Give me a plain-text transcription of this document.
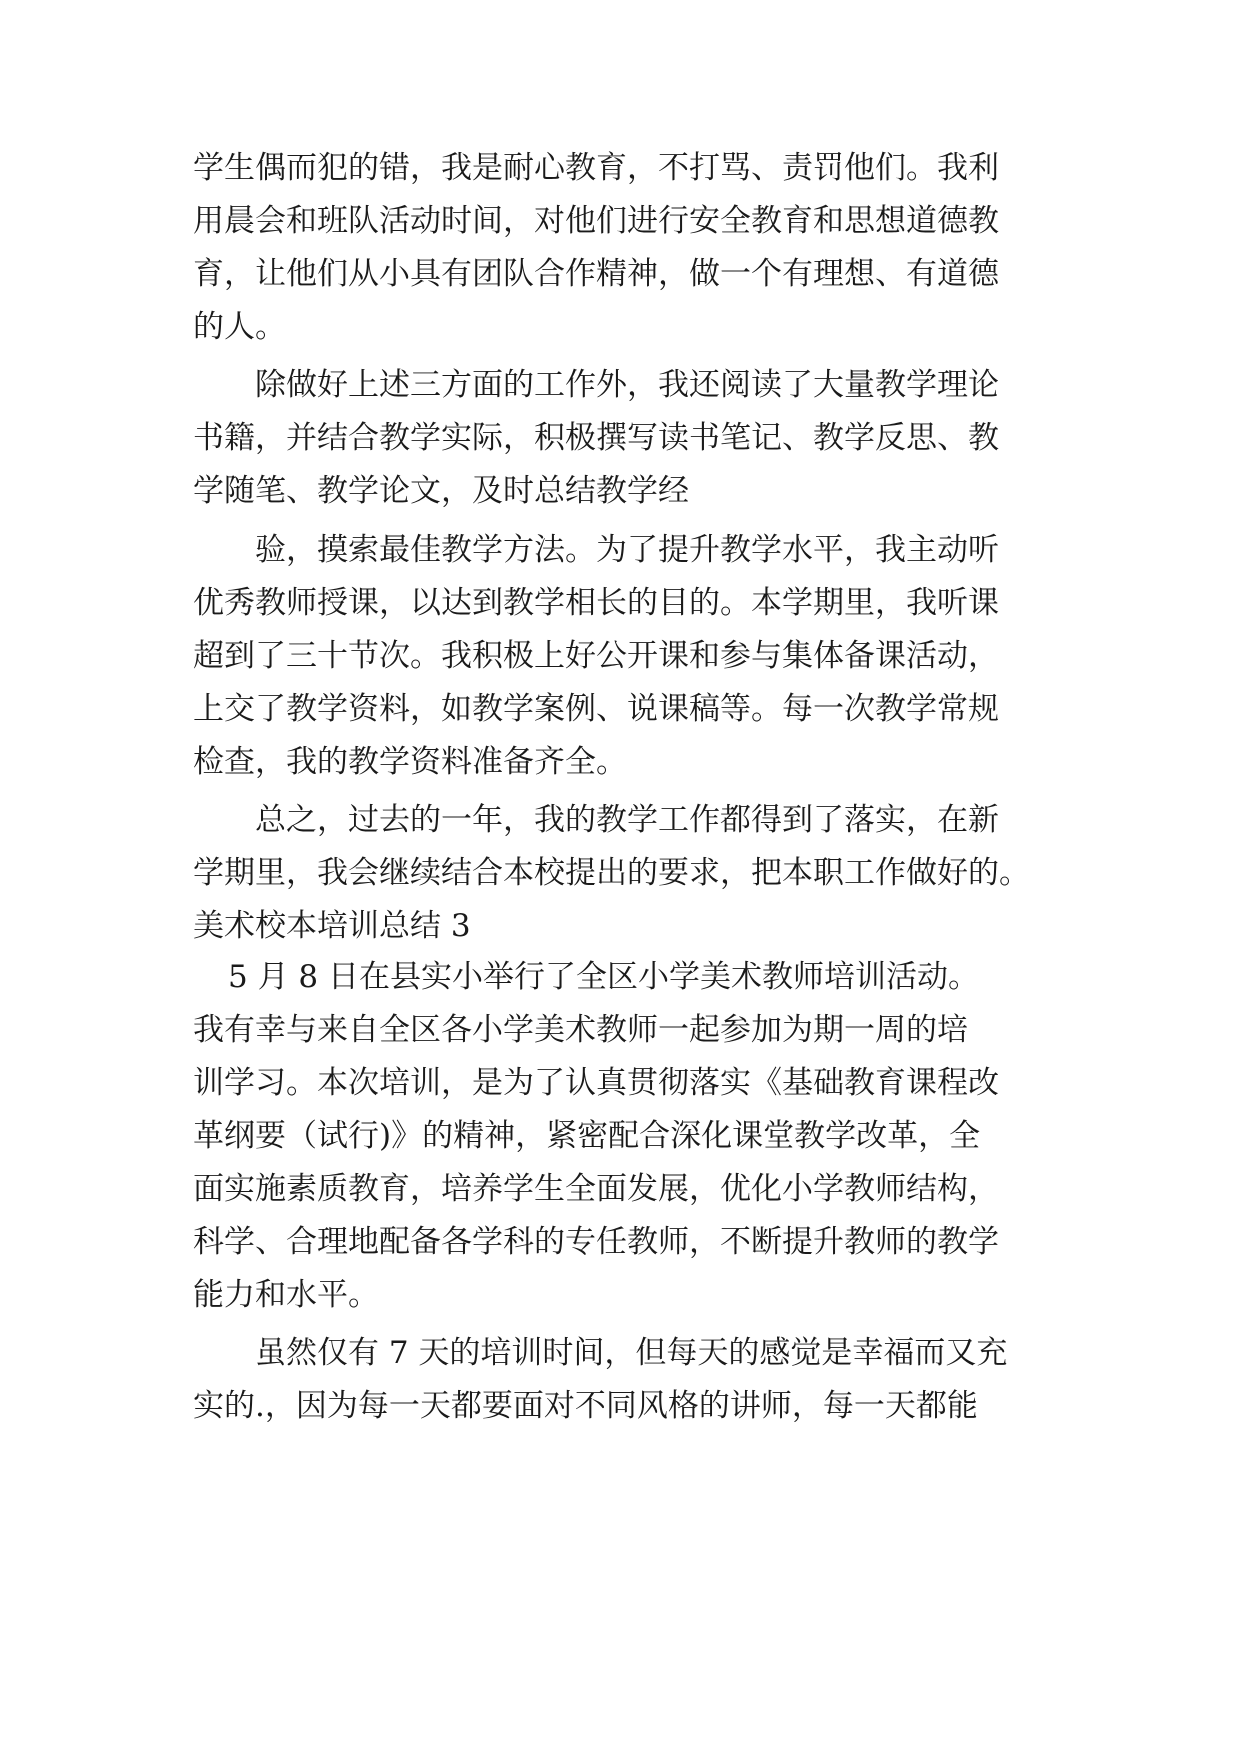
学生偶而犯的错，我是耐心教育，不打骂、责罚他们。我利
用晨会和班队活动时间，对他们进行安全教育和思想道德教
育，让他们从小具有团队合作精神，做一个有理想、有道德
的人。
除做好上述三方面的工作外，我还阅读了大量教学理论
书籍，并结合教学实际，积极撰写读书笔记、教学反思、教
学随笔、教学论文，及时总结教学经
验，摸索最佳教学方法。为了提升教学水平，我主动听
优秀教师授课，以达到教学相长的目的。本学期里，我听课
超到了三十节次。我积极上好公开课和参与集体备课活动，
上交了教学资料，如教学案例、说课稿等。每一次教学常规
检查，我的教学资料准备齐全。
总之，过去的一年，我的教学工作都得到了落实，在新
学期里，我会继续结合本校提出的要求，把本职工作做好的。
美术校本培训总结 3
5 月 8 日在县实小举行了全区小学美术教师培训活动。
我有幸与来自全区各小学美术教师一起参加为期一周的培
训学习。本次培训，是为了认真贯彻落实《基础教育课程改
革纲要（试行)》的精神，紧密配合深化课堂教学改革，全
面实施素质教育，培养学生全面发展，优化小学教师结构，
科学、合理地配备各学科的专任教师，不断提升教师的教学
能力和水平。
虽然仅有 7 天的培训时间，但每天的感觉是幸福而又充
实的.，因为每一天都要面对不同风格的讲师，每一天都能
